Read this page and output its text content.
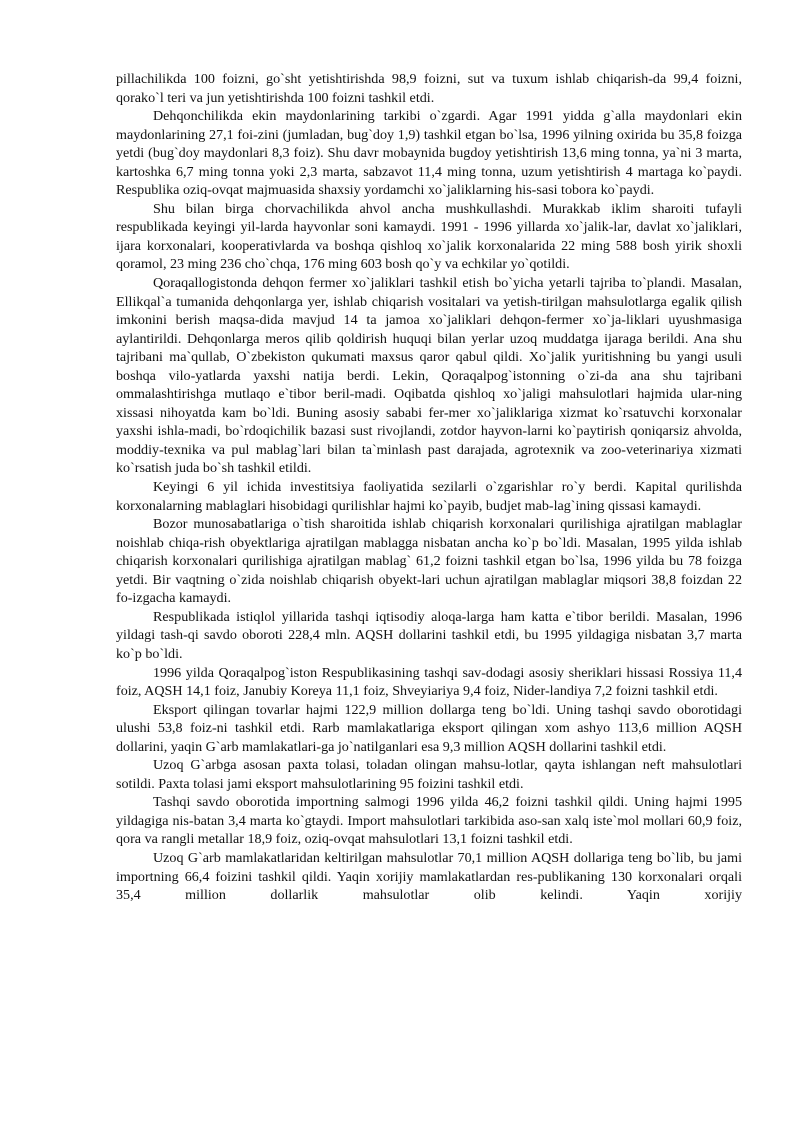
pillachilikda 100 foizni, go`sht yetishtirishda 98,9 foizni, sut va tuxum ishlab chiqarish-da 99,4 foizni, qorako`l teri va jun yetishtirishda 100 foizni tashkil etdi.

Dehqonchilikda ekin maydonlarining tarkibi o`zgardi. Agar 1991 yidda g`alla maydonlari ekin maydonlarining 27,1 foi-zini (jumladan, bug`doy 1,9) tashkil etgan bo`lsa, 1996 yilning oxirida bu 35,8 foizga yetdi (bug`doy maydonlari 8,3 foiz). Shu davr mobaynida bugdoy yetishtirish 13,6 ming tonna, ya`ni 3 marta, kartoshka 6,7 ming tonna yoki 2,3 marta, sabzavot 11,4 ming tonna, uzum yetishtirish 4 martaga ko`paydi. Respublika oziq-ovqat majmuasida shaxsiy yordamchi xo`jaliklarning his-sasi tobora ko`paydi.

Shu bilan birga chorvachilikda ahvol ancha mushkullashdi. Murakkab iklim sharoiti tufayli respublikada keyingi yil-larda hayvonlar soni kamaydi. 1991 - 1996 yillarda xo`jalik-lar, davlat xo`jaliklari, ijara korxonalari, kooperativlarda va boshqa qishloq xo`jalik korxonalarida 22 ming 588 bosh yirik shoxli qoramol, 23 ming 236 cho`chqa, 176 ming 603 bosh qo`y va echkilar yo`qotildi.

Qoraqallogistonda dehqon fermer xo`jaliklari tashkil etish bo`yicha yetarli tajriba to`plandi. Masalan, Ellikqal`a tumanida dehqonlarga yer, ishlab chiqarish vositalari va yetish-tirilgan mahsulotlarga egalik qilish imkonini berish maqsa-dida mavjud 14 ta jamoa xo`jaliklari dehqon-fermer xo`ja-liklari uyushmasiga aylantirildi. Dehqonlarga meros qilib qoldirish huquqi bilan yerlar uzoq muddatga ijaraga berildi. Ana shu tajribani ma`qullab, O`zbekiston qukumati maxsus qaror qabul qildi. Xo`jalik yuritishning bu yangi usuli boshqa vilo-yatlarda yaxshi natija berdi. Lekin, Qoraqalpog`istonning o`zi-da ana shu tajribani ommalashtirishga mutlaqo e`tibor beril-madi. Oqibatda qishloq xo`jaligi mahsulotlari hajmida ular-ning xissasi nihoyatda kam bo`ldi. Buning asosiy sababi fer-mer xo`jaliklariga xizmat ko`rsatuvchi korxonalar yaxshi ishla-madi, bo`rdoqichilik bazasi sust rivojlandi, zotdor hayvon-larni ko`paytirish qoniqarsiz ahvolda, moddiy-texnika va pul mablag`lari bilan ta`minlash past darajada, agrotexnik va zoo-veterinariya xizmati ko`rsatish juda bo`sh tashkil etildi.

Keyingi 6 yil ichida investitsiya faoliyatida sezilarli o`zgarishlar ro`y berdi. Kapital qurilishda korxonalarning mablaglari hisobidagi qurilishlar hajmi ko`payib, budjet mab-lag`ining qissasi kamaydi.

Bozor munosabatlariga o`tish sharoitida ishlab chiqarish korxonalari qurilishiga ajratilgan mablaglar noishlab chiqa-rish obyektlariga ajratilgan mablagga nisbatan ancha ko`p bo`ldi. Masalan, 1995 yilda ishlab chiqarish korxonalari qurilishiga ajratilgan mablag` 61,2 foizni tashkil etgan bo`lsa, 1996 yilda bu 78 foizga yetdi. Bir vaqtning o`zida noishlab chiqarish obyekt-lari uchun ajratilgan mablaglar miqsori 38,8 foizdan 22 fo-izgacha kamaydi.

Respublikada istiqlol yillarida tashqi iqtisodiy aloqa-larga ham katta e`tibor berildi. Masalan, 1996 yildagi tash-qi savdo oboroti 228,4 mln. AQSH dollarini tashkil etdi, bu 1995 yildagiga nisbatan 3,7 marta ko`p bo`ldi.

1996 yilda Qoraqalpog`iston Respublikasining tashqi sav-dodagi asosiy sheriklari hissasi Rossiya 11,4 foiz, AQSH 14,1 foiz, Janubiy Koreya 11,1 foiz, Shveyiariya 9,4 foiz, Nider-landiya 7,2 foizni tashkil etdi.

Eksport qilingan tovarlar hajmi 122,9 million dollarga teng bo`ldi. Uning tashqi savdo oborotidagi ulushi 53,8 foiz-ni tashkil etdi. Rarb mamlakatlariga eksport qilingan xom ashyo 113,6 million AQSH dollarini, yaqin G`arb mamlakatlari-ga jo`natilganlari esa 9,3 million AQSH dollarini tashkil etdi.

Uzoq G`arbga asosan paxta tolasi, toladan olingan mahsu-lotlar, qayta ishlangan neft mahsulotlari sotildi. Paxta tolasi jami eksport mahsulotlarining 95 foizini tashkil etdi.

Tashqi savdo oborotida importning salmogi 1996 yilda 46,2 foizni tashkil qildi. Uning hajmi 1995 yildagiga nis-batan 3,4 marta ko`gtaydi. Import mahsulotlari tarkibida aso-san xalq iste`mol mollari 60,9 foiz, qora va rangli metallar 18,9 foiz, oziq-ovqat mahsulotlari 13,1 foizni tashkil etdi.

Uzoq G`arb mamlakatlaridan keltirilgan mahsulotlar 70,1 million AQSH dollariga teng bo`lib, bu jami importning 66,4 foizini tashkil qildi. Yaqin xorijiy mamlakatlardan res-publikaning 130 korxonalari orqali 35,4 million dollarlik mahsulotlar olib kelindi. Yaqin xorijiy
